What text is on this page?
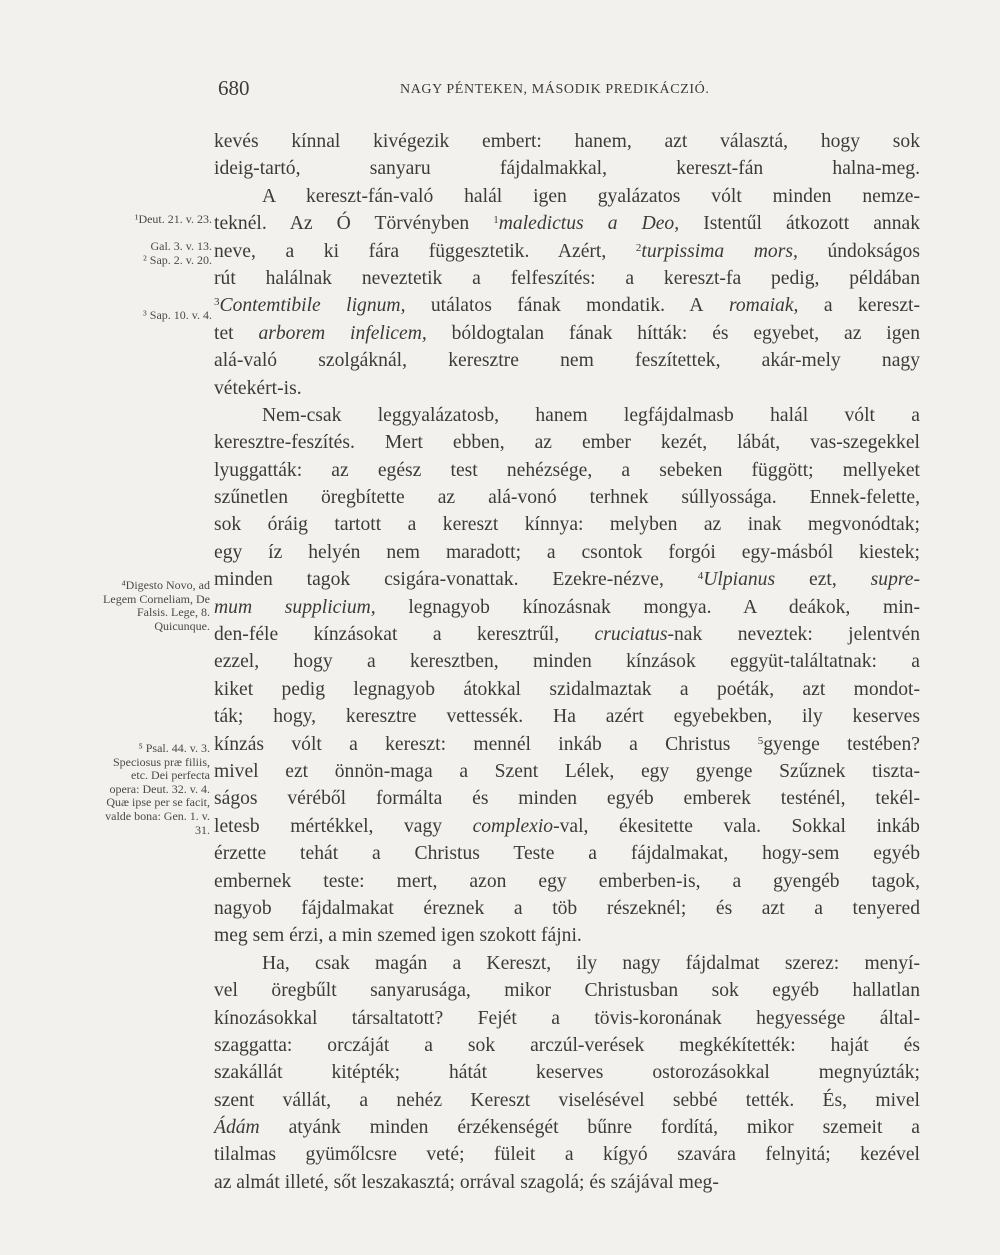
680	NAGY PÉNTEKEN, MÁSODIK PREDIKÁCZIÓ.
¹Deut. 21. v. 23.
Gal. 3. v. 13.
² Sap. 2. v. 20.
³ Sap. 10. v. 4.
⁴Digesto Novo, ad Legem Corneliam, De Falsis. Lege, 8. Quicunque.
⁵ Psal. 44. v. 3. Speciosus præ filiis, etc. Dei perfecta opera: Deut. 32. v. 4. Quæ ipse per se facit, valde bona: Gen. 1. v. 31.
kevés kínnal kivégezik embert: hanem, azt választá, hogy sok
ideig-tartó, sanyaru fájdalmakkal, kereszt-fán halna-meg.
A kereszt-fán-való halál igen gyalázatos vólt minden nemze-
teknél. Az Ó Törvényben $^1$maledictus a Deo, Istentűl átkozott annak
neve, a ki fára függesztetik. Azért, $^2$turpissima mors, úndokságos
rút halálnak neveztetik a felfeszítés: a kereszt-fa pedig, példában
$^3$Contemtibile lignum, utálatos fának mondatik. A romaiak, a kereszt-
tet arborem infelicem, bóldogtalan fának hítták: és egyebet, az igen
alá-való szolgáknál, keresztre nem feszítettek, akár-mely nagy
vétekért-is.
Nem-csak leggyalázatosb, hanem legfájdalmasb halál vólt a
keresztre-feszítés. Mert ebben, az ember kezét, lábát, vas-szegekkel
lyuggatták: az egész test nehézsége, a sebeken függött; mellyeket
szűnetlen öregbítette az alá-vonó terhnek súllyossága. Ennek-felette,
sok óráig tartott a kereszt kínnya: melyben az inak megvonódtak;
egy íz helyén nem maradott; a csontok forgói egy-másból kiestek;
minden tagok csigára-vonattak. Ezekre-nézve, $^4$Ulpianus ezt, supre-
mum supplicium, legnagyob kínozásnak mongya. A deákok, min-
den-féle kínzásokat a keresztrűl, cruciatus-nak neveztek: jelentvén
ezzel, hogy a keresztben, minden kínzások eggyüt-találtatnak: a
kiket pedig legnagyob átokkal szidalmaztak a poéták, azt mondot-
ták; hogy, keresztre vettessék. Ha azért egyebekben, ily keserves
kínzás vólt a kereszt: mennél inkáb a Christus $^5$gyenge testében?
mivel ezt önnön-maga a Szent Lélek, egy gyenge Szűznek tiszta-
ságos véréből formálta és minden egyéb emberek testénél, tekél-
letesb mértékkel, vagy complexio-val, ékesitette vala. Sokkal inkáb
érzette tehát a Christus Teste a fájdalmakat, hogy-sem egyéb
embernek teste: mert, azon egy emberben-is, a gyengéb tagok,
nagyob fájdalmakat éreznek a töb részeknél; és azt a tenyered
meg sem érzi, a min szemed igen szokott fájni.
Ha, csak magán a Kereszt, ily nagy fájdalmat szerez: menyí-
vel öregbűlt sanyarusága, mikor Christusban sok egyéb hallatlan
kínozásokkal társaltatott? Fejét a tövis-koronának hegyessége által-
szaggatta: orczáját a sok arczúl-verések megkékítették: haját és
szakállát kitépték; hátát keserves ostorozásokkal megnyúzták;
szent vállát, a nehéz Kereszt viselésével sebbé tették. És, mivel
Ádám atyánk minden érzékenségét bűnre fordítá, mikor szemeit a
tilalmas gyümőlcsre veté; füleit a kígyó szavára felnyitá; kezével
az almát illeté, sőt leszakasztá; orrával szagolá; és szájával meg-
